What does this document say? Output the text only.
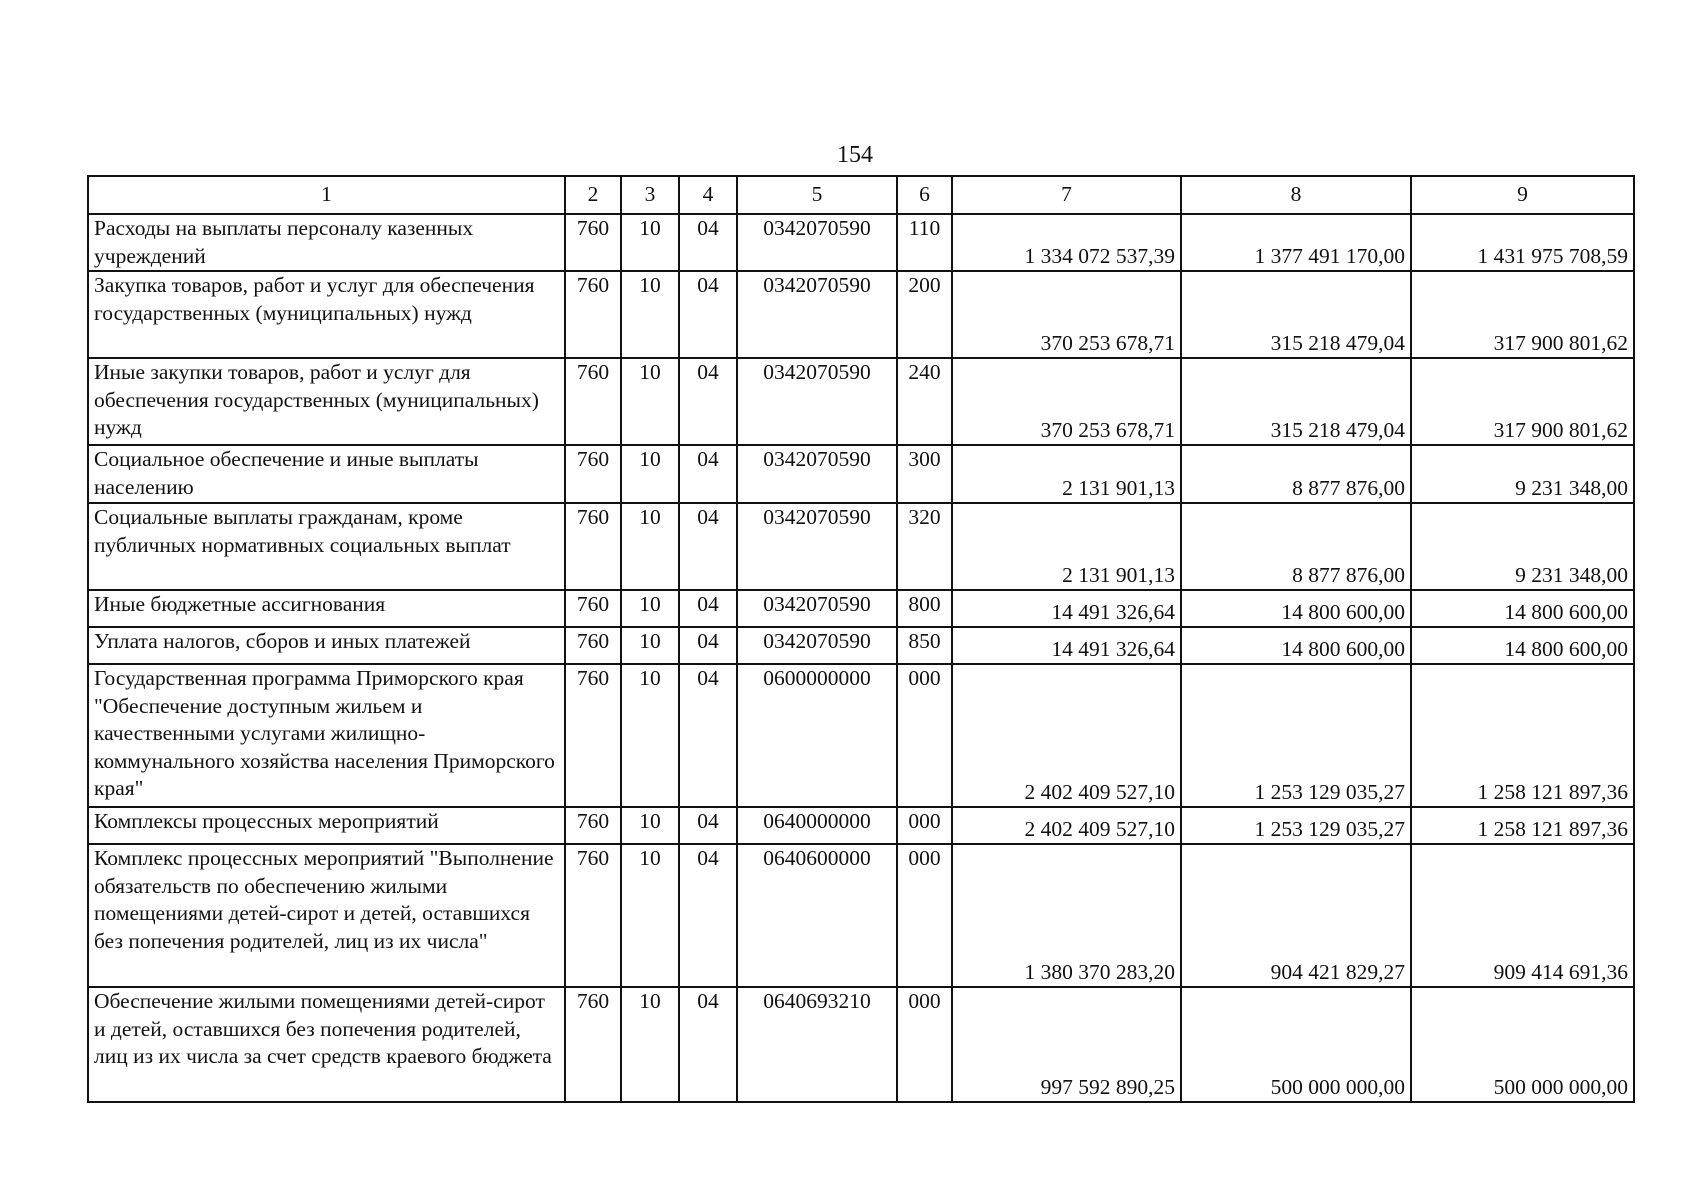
154
1	2	3	4	5	6	7	8	9
Расходы на выплаты персоналу казенных учреждений	760	10	04	0342070590	110	1 334 072 537,39	1 377 491 170,00	1 431 975 708,59
Закупка товаров, работ и услуг для обеспечения государственных (муниципальных) нужд	760	10	04	0342070590	200	370 253 678,71	315 218 479,04	317 900 801,62
Иные закупки товаров, работ и услуг для обеспечения государственных (муниципальных) нужд	760	10	04	0342070590	240	370 253 678,71	315 218 479,04	317 900 801,62
Социальное обеспечение и иные выплаты населению	760	10	04	0342070590	300	2 131 901,13	8 877 876,00	9 231 348,00
Социальные выплаты гражданам, кроме публичных нормативных социальных выплат	760	10	04	0342070590	320	2 131 901,13	8 877 876,00	9 231 348,00
Иные бюджетные ассигнования	760	10	04	0342070590	800	14 491 326,64	14 800 600,00	14 800 600,00
Уплата налогов, сборов и иных платежей	760	10	04	0342070590	850	14 491 326,64	14 800 600,00	14 800 600,00
Государственная программа Приморского края "Обеспечение доступным жильем и качественными услугами жилищно-коммунального хозяйства населения Приморского края"	760	10	04	0600000000	000	2 402 409 527,10	1 253 129 035,27	1 258 121 897,36
Комплексы процессных мероприятий	760	10	04	0640000000	000	2 402 409 527,10	1 253 129 035,27	1 258 121 897,36
Комплекс процессных мероприятий "Выполнение обязательств по обеспечению жилыми помещениями детей-сирот и детей, оставшихся без попечения родителей, лиц из их числа"	760	10	04	0640600000	000	1 380 370 283,20	904 421 829,27	909 414 691,36
Обеспечение жилыми помещениями детей-сирот и детей, оставшихся без попечения родителей, лиц из их числа за счет средств краевого бюджета	760	10	04	0640693210	000	997 592 890,25	500 000 000,00	500 000 000,00
